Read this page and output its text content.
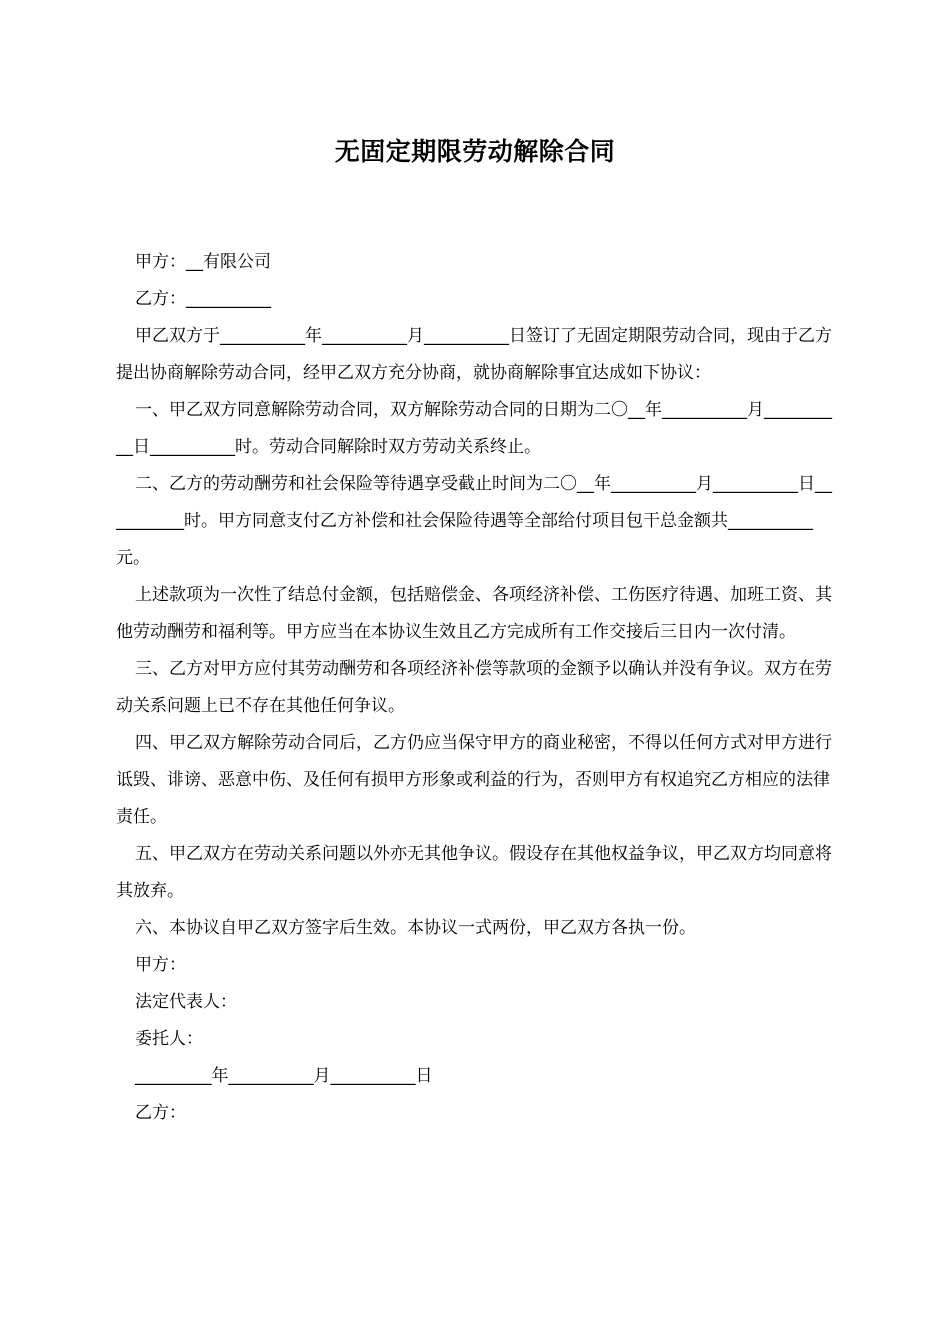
无固定期限劳动解除合同

甲方：__有限公司

乙方：__________

甲乙双方于__________年__________月__________日签订了无固定期限劳动合同，现由于乙方提出协商解除劳动合同，经甲乙双方充分协商，就协商解除事宜达成如下协议：

一、甲乙双方同意解除劳动合同，双方解除劳动合同的日期为二〇__年__________月__________日__________时。劳动合同解除时双方劳动关系终止。

二、乙方的劳动酬劳和社会保险等待遇享受截止时间为二〇__年__________月__________日__________时。甲方同意支付乙方补偿和社会保险待遇等全部给付项目包干总金额共__________元。

上述款项为一次性了结总付金额，包括赔偿金、各项经济补偿、工伤医疗待遇、加班工资、其他劳动酬劳和福利等。甲方应当在本协议生效且乙方完成所有工作交接后三日内一次付清。

三、乙方对甲方应付其劳动酬劳和各项经济补偿等款项的金额予以确认并没有争议。双方在劳动关系问题上已不存在其他任何争议。

四、甲乙双方解除劳动合同后，乙方仍应当保守甲方的商业秘密，不得以任何方式对甲方进行诋毁、诽谤、恶意中伤、及任何有损甲方形象或利益的行为，否则甲方有权追究乙方相应的法律责任。

五、甲乙双方在劳动关系问题以外亦无其他争议。假设存在其他权益争议，甲乙双方均同意将其放弃。

六、本协议自甲乙双方签字后生效。本协议一式两份，甲乙双方各执一份。

甲方：

法定代表人：

委托人：

_________年__________月__________日

乙方：
